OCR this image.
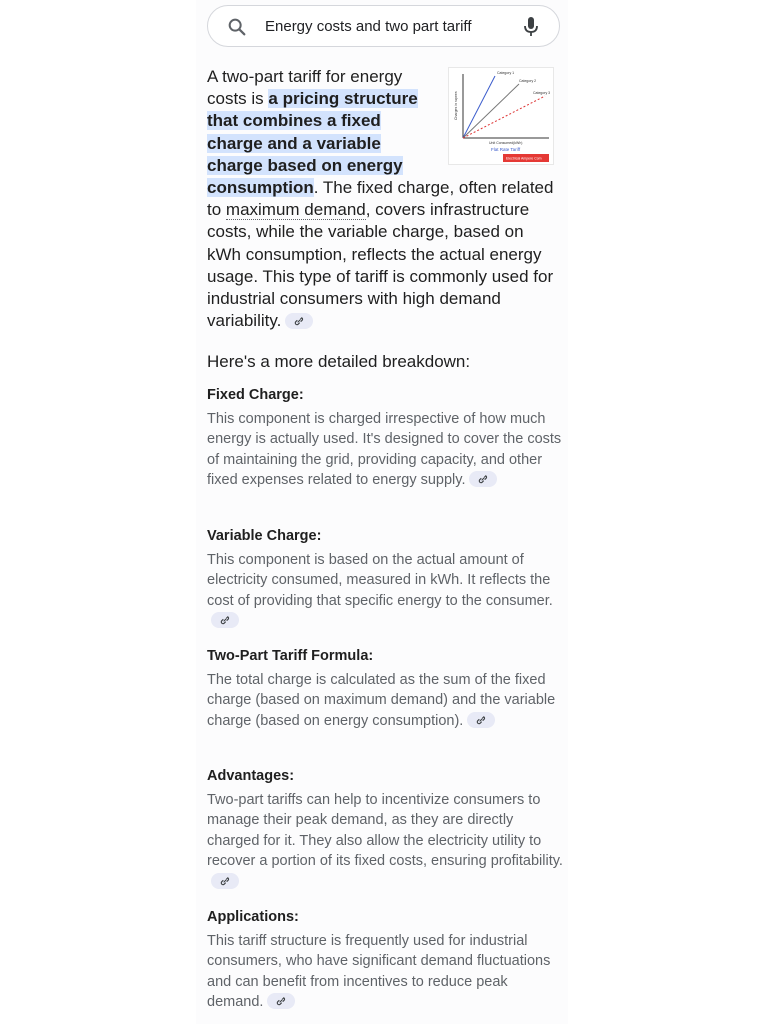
Energy costs and two part tariff
Category 1
Category 2
Category 3
Charges in rupees
Unit Consumed(kWh)
Flat Rate Tariff
Electrical Ampere Com

A two-part tariff for energy costs is a pricing structure that combines a fixed charge and a variable charge based on energy consumption. The fixed charge, often related to maximum demand, covers infrastructure costs, while the variable charge, based on kWh consumption, reflects the actual energy usage. This type of tariff is commonly used for industrial consumers with high demand variability.

Here's a more detailed breakdown:
Fixed Charge:

This component is charged irrespective of how much energy is actually used. It's designed to cover the costs of maintaining the grid, providing capacity, and other fixed expenses related to energy supply.

Variable Charge:

This component is based on the actual amount of electricity consumed, measured in kWh. It reflects the cost of providing that specific energy to the consumer.

Two-Part Tariff Formula:

The total charge is calculated as the sum of the fixed charge (based on maximum demand) and the variable charge (based on energy consumption).

Advantages:

Two-part tariffs can help to incentivize consumers to manage their peak demand, as they are directly charged for it. They also allow the electricity utility to recover a portion of its fixed costs, ensuring profitability.

Applications:

This tariff structure is frequently used for industrial consumers, who have significant demand fluctuations and can benefit from incentives to reduce peak demand.
